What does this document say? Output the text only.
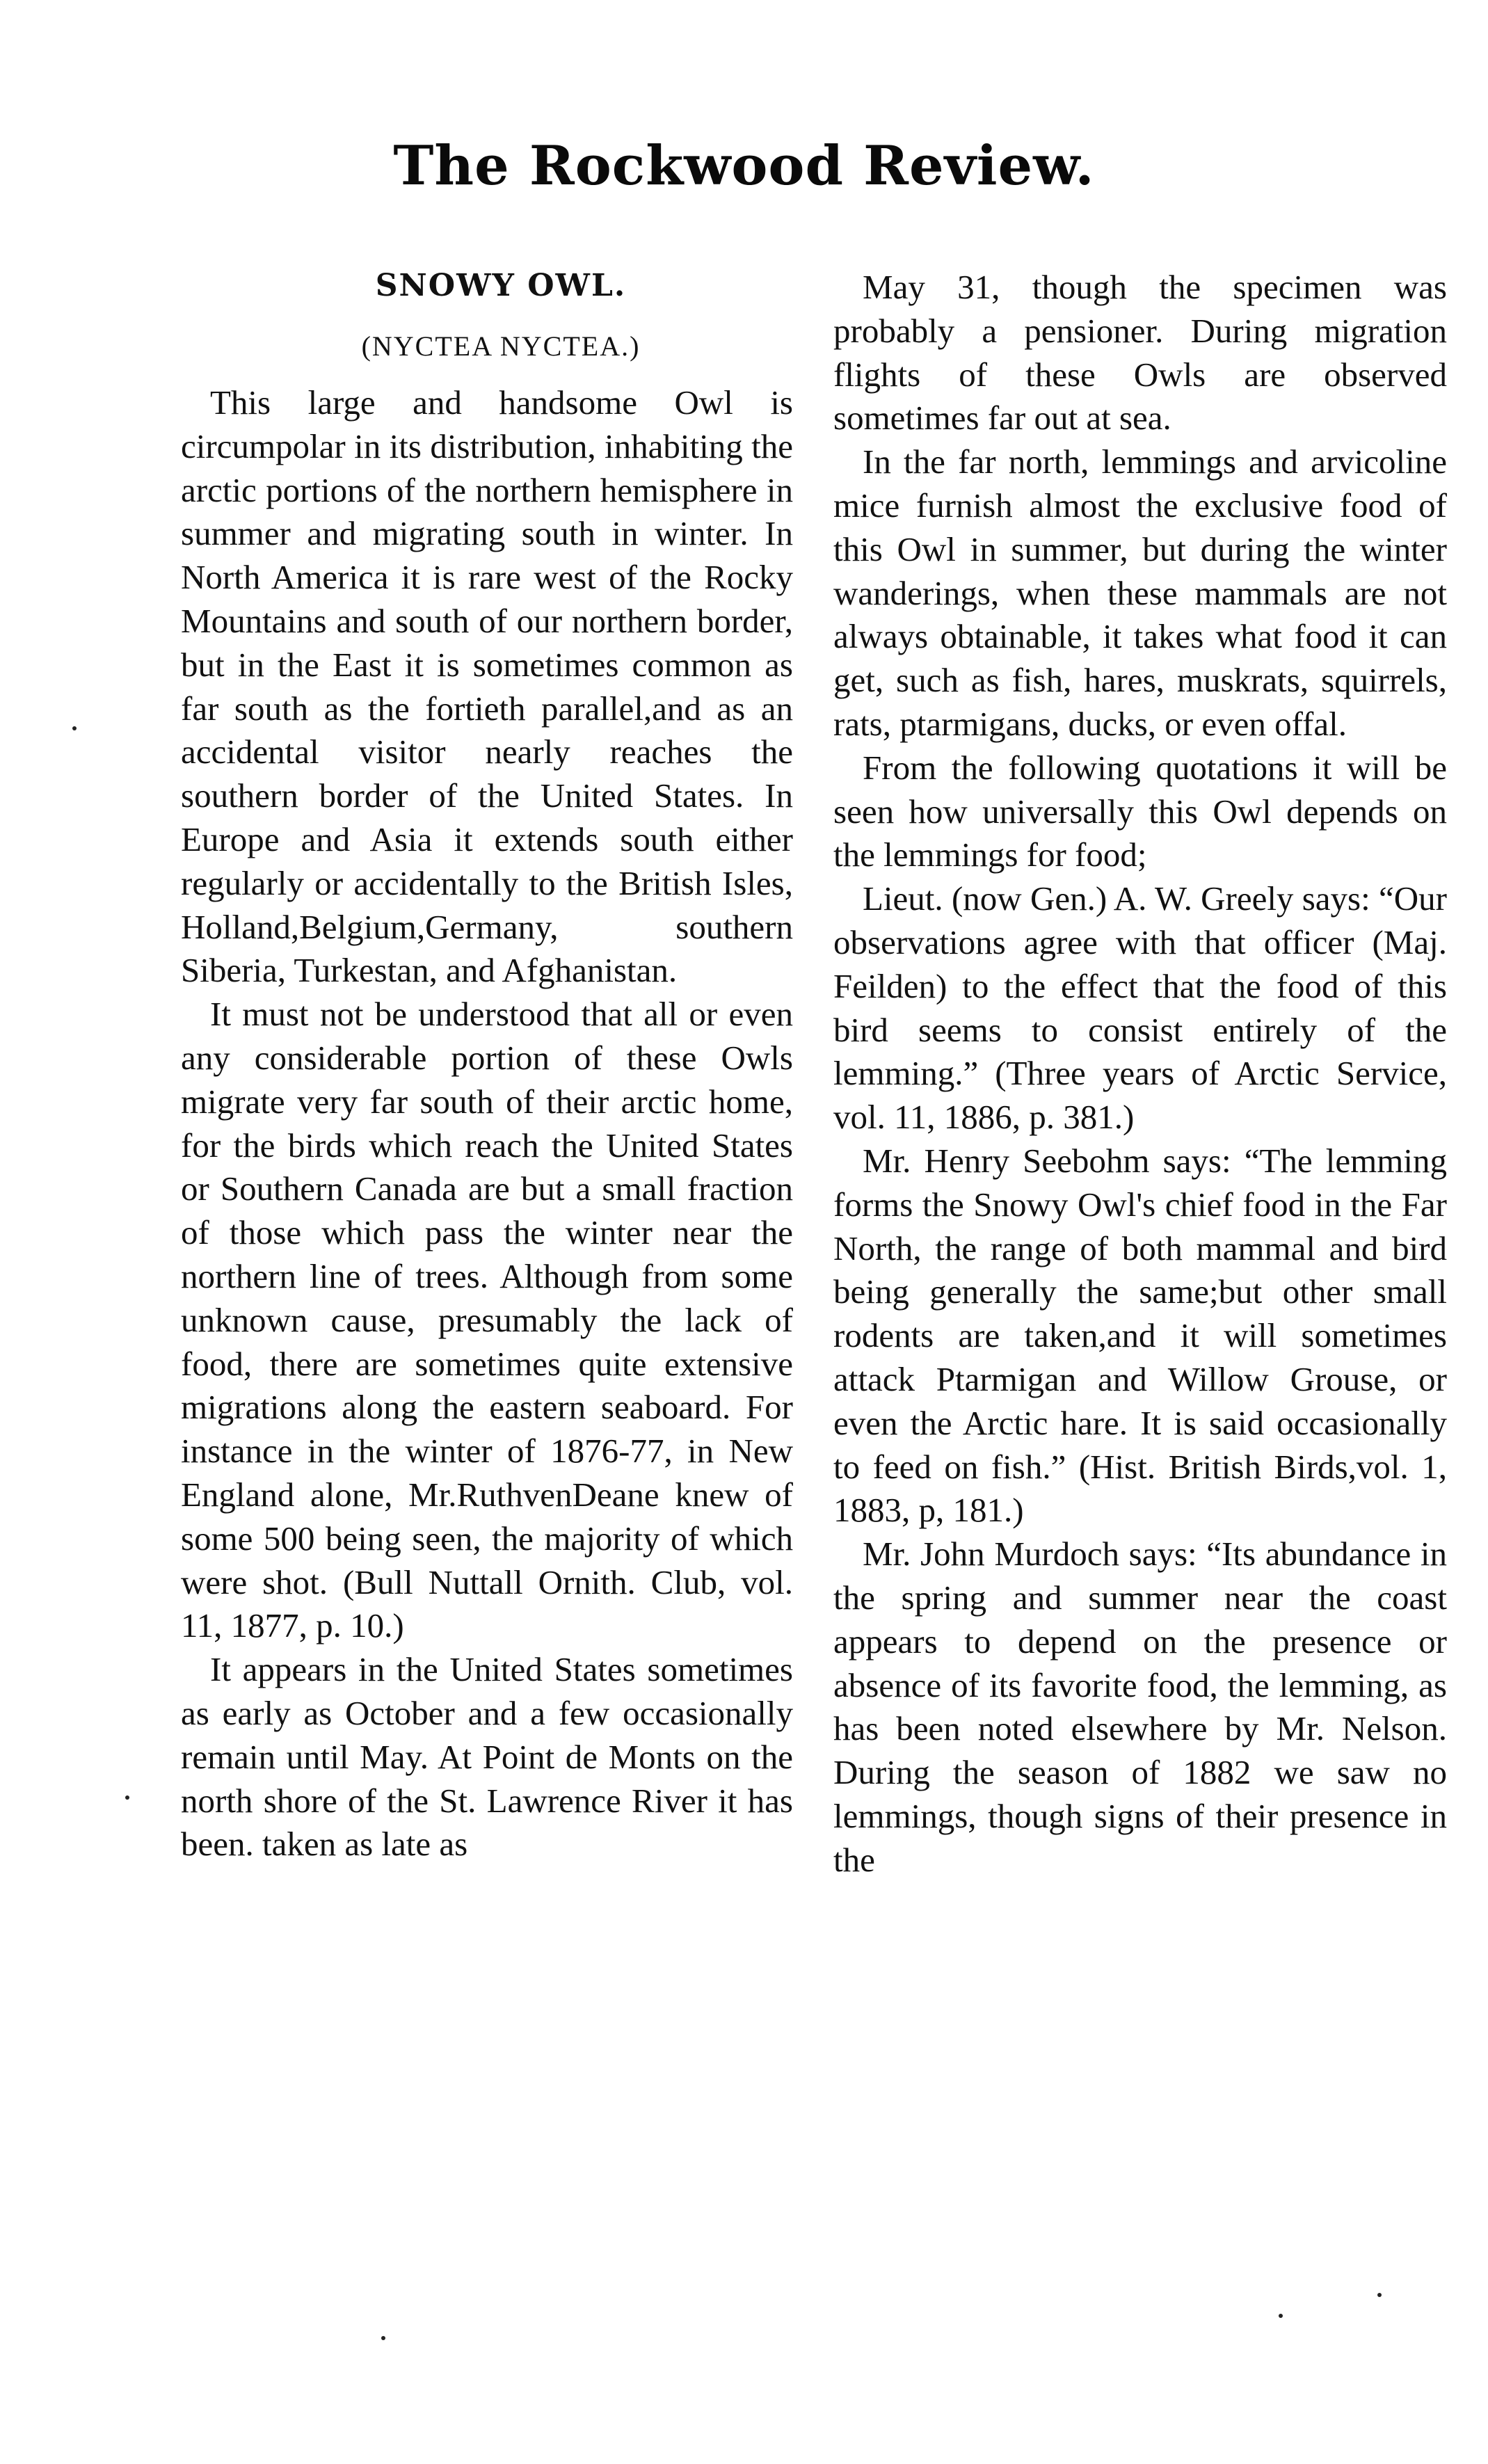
The Rockwood Review.
SNOWY OWL.
(NYCTEA NYCTEA.)

This large and handsome Owl is circumpolar in its distribution, inhabiting the arctic portions of the northern hemisphere in summer and migrating south in winter. In North America it is rare west of the Rocky Mountains and south of our northern border, but in the East it is sometimes common as far south as the fortieth parallel,and as an accidental visitor nearly reaches the southern border of the United States. In Europe and Asia it extends south either regularly or accidentally to the British Isles, Holland,Belgium,Germany, southern Siberia, Turkestan, and Afghanistan.

It must not be understood that all or even any considerable portion of these Owls migrate very far south of their arctic home, for the birds which reach the United States or Southern Canada are but a small fraction of those which pass the winter near the northern line of trees. Although from some unknown cause, presumably the lack of food, there are sometimes quite extensive migrations along the eastern seaboard. For instance in the winter of 1876-77, in New England alone, Mr.RuthvenDeane knew of some 500 being seen, the majority of which were shot. (Bull Nuttall Ornith. Club, vol. 11, 1877, p. 10.)

It appears in the United States sometimes as early as October and a few occasionally remain until May. At Point de Monts on the north shore of the St. Lawrence River it has been. taken as late as

May 31, though the specimen was probably a pensioner. During migration flights of these Owls are observed sometimes far out at sea.

In the far north, lemmings and arvicoline mice furnish almost the exclusive food of this Owl in summer, but during the winter wanderings, when these mammals are not always obtainable, it takes what food it can get, such as fish, hares, muskrats, squirrels, rats, ptarmigans, ducks, or even offal.

From the following quotations it will be seen how universally this Owl depends on the lemmings for food;

Lieut. (now Gen.) A. W. Greely says: “Our observations agree with that officer (Maj. Feilden) to the effect that the food of this bird seems to consist entirely of the lemming.” (Three years of Arctic Service, vol. 11, 1886, p. 381.)

Mr. Henry Seebohm says: “The lemming forms the Snowy Owl's chief food in the Far North, the range of both mammal and bird being generally the same;but other small rodents are taken,and it will sometimes attack Ptarmigan and Willow Grouse, or even the Arctic hare. It is said occasionally to feed on fish.” (Hist. British Birds,vol. 1, 1883, p, 181.)

Mr. John Murdoch says: “Its abundance in the spring and summer near the coast appears to depend on the presence or absence of its favorite food, the lemming, as has been noted elsewhere by Mr. Nelson. During the season of 1882 we saw no lemmings, though signs of their presence in the
